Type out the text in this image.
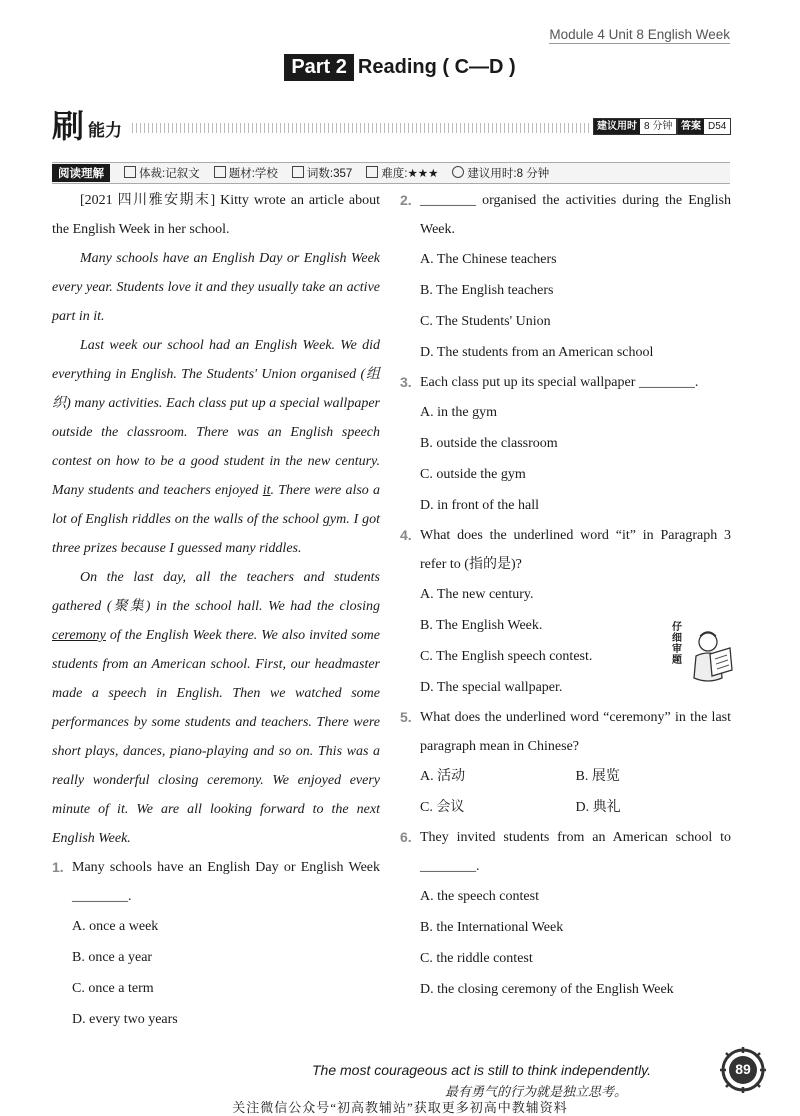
Module 4 Unit 8 English Week
Part 2 Reading ( C—D )
刷 能力	建议用时 8 分钟 答案 D54
阅读理解	体裁:记叙文	题材:学校	词数:357	难度:★★★	建议用时:8 分钟

[2021 四川雅安期末] Kitty wrote an article about the English Week in her school.

Many schools have an English Day or English Week every year. Students love it and they usually take an active part in it.

Last week our school had an English Week. We did everything in English. The Students' Union organised (组织) many activities. Each class put up a special wallpaper outside the classroom. There was an English speech contest on how to be a good student in the new century. Many students and teachers enjoyed it. There were also a lot of English riddles on the walls of the school gym. I got three prizes because I guessed many riddles.

On the last day, all the teachers and students gathered (聚集) in the school hall. We had the closing ceremony of the English Week there. We also invited some students from an American school. First, our headmaster made a speech in English. Then we watched some performances by some students and teachers. There were short plays, dances, piano-playing and so on. This was a really wonderful closing ceremony. We enjoyed every minute of it. We are all looking forward to the next English Week.

1. Many schools have an English Day or English Week ________.
A. once a week
B. once a year
C. once a term
D. every two years
2. ________ organised the activities during the English Week.
A. The Chinese teachers
B. The English teachers
C. The Students' Union
D. The students from an American school
3. Each class put up its special wallpaper ________.
A. in the gym
B. outside the classroom
C. outside the gym
D. in front of the hall
4. What does the underlined word “it” in Paragraph 3 refer to (指的是)?
A. The new century.
B. The English Week.
C. The English speech contest.
D. The special wallpaper.
5. What does the underlined word “ceremony” in the last paragraph mean in Chinese?
A. 活动	B. 展览
C. 会议	D. 典礼
6. They invited students from an American school to ________.
A. the speech contest
B. the International Week
C. the riddle contest
D. the closing ceremony of the English Week
仔细审题
The most courageous act is still to think independently.
最有勇气的行为就是独立思考。
关注微信公众号“初高教辅站”获取更多初高中教辅资料
89
